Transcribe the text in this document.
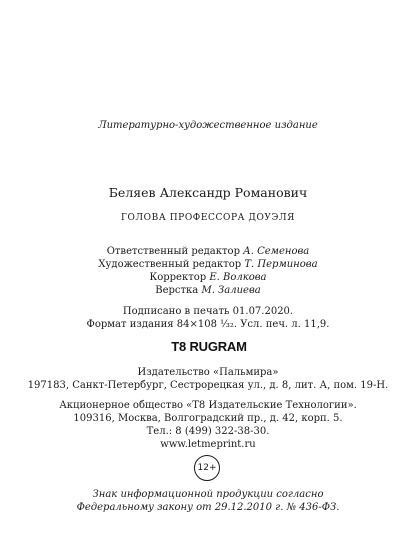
Литературно-художественное издание
Беляев Александр Романович
ГОЛОВА ПРОФЕССОРА ДОУЭЛЯ
Ответственный редактор А. Семенова
Художественный редактор Т. Перминова
Корректор Е. Волкова
Верстка М. Залиева
Подписано в печать 01.07.2020.
Формат издания 84×108 ¹⁄₃₂. Усл. печ. л. 11,9.
T8 RUGRAM
Издательство «Пальмира»
197183, Санкт-Петербург, Сестрорецкая ул., д. 8, лит. А, пом. 19-Н.
Акционерное общество «Т8 Издательские Технологии».
109316, Москва, Волгоградский пр., д. 42, корп. 5.
Тел.: 8 (499) 322-38-30.
www.letmeprint.ru
12+
Знак информационной продукции согласно
Федеральному закону от 29.12.2010 г. № 436-ФЗ.
